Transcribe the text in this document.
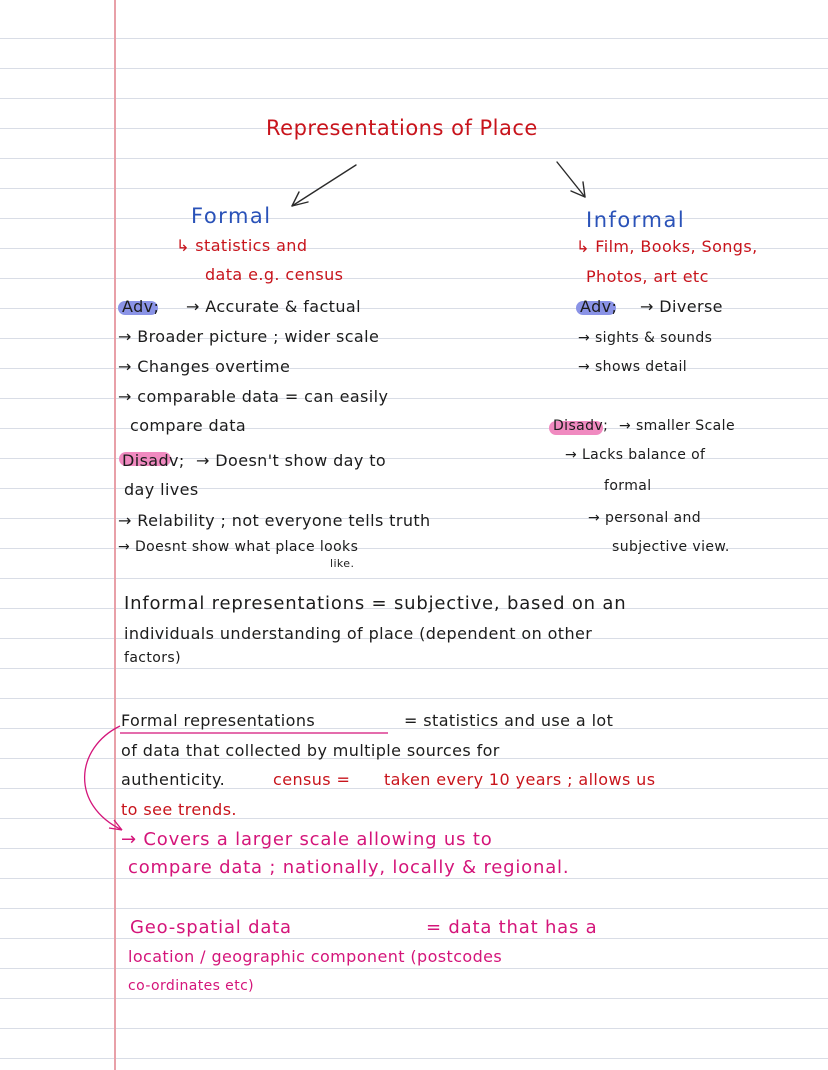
Representations of Place
Formal
↳ statistics and
data e.g. census
Adv; → Accurate & factual
→ Broader picture ; wider scale
→ Changes overtime
→ comparable data = can easily
compare data
Disadv; → Doesn't show day to
day lives
→ Relability ; not everyone tells truth
→ Doesnt show what place looks
like.
Informal
↳ Film, Books, Songs,
Photos, art etc
Adv; → Diverse
→ sights & sounds
→ shows detail
Disadv; → smaller Scale
→ Lacks balance of
formal
→ personal and
subjective view.
Informal representations = subjective, based on an
individuals understanding of place (dependent on other
factors)
Formal representations	= statistics and use a lot
of data that collected by multiple sources for
authenticity.	census = taken every 10 years ; allows us
to see trends.
→ Covers a larger scale allowing us to
compare data ; nationally, locally & regional.
Geo-spatial data	= data that has a
location / geographic component (postcodes
co-ordinates etc)
